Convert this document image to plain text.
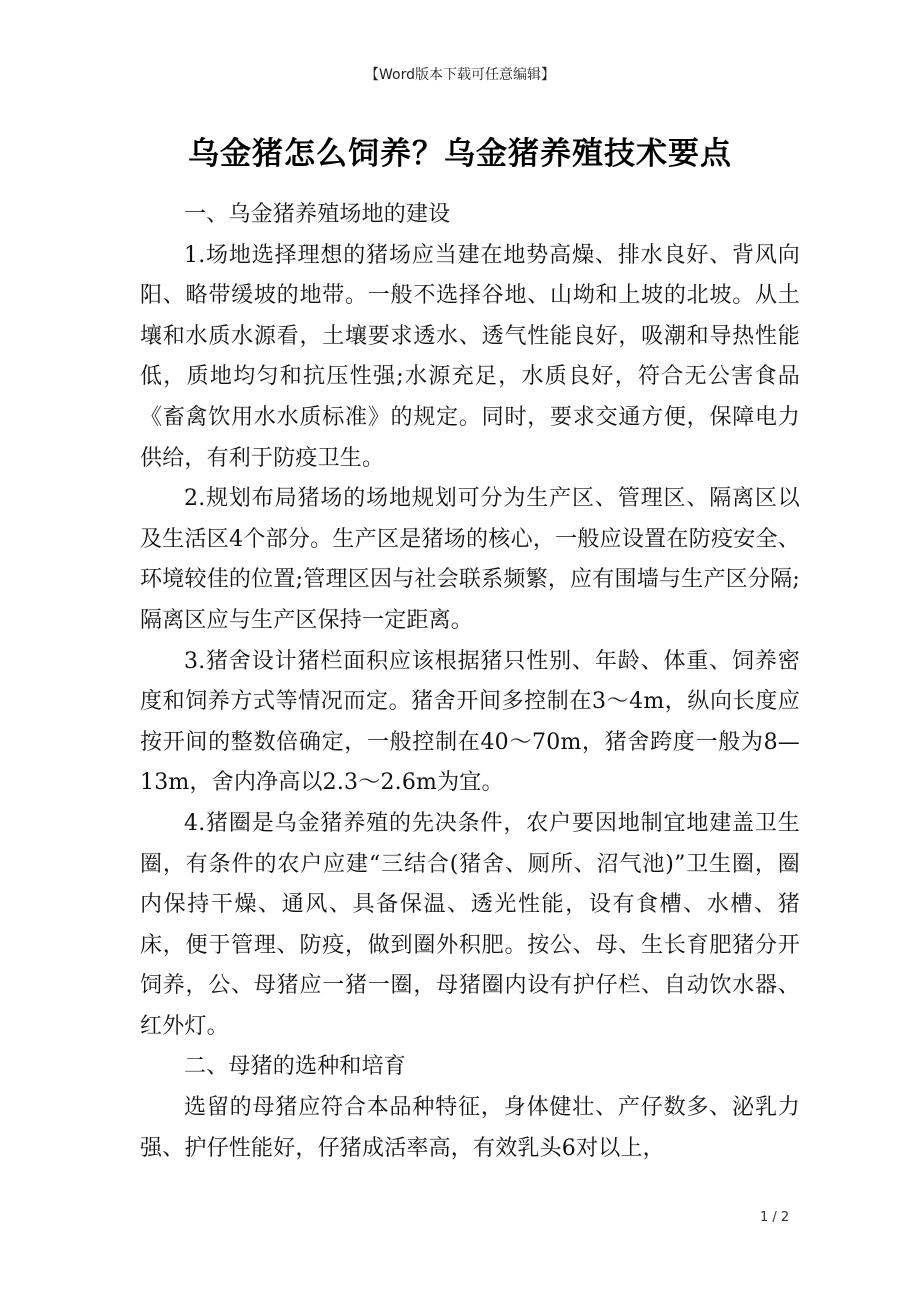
【Word版本下载可任意编辑】
乌金猪怎么饲养？乌金猪养殖技术要点

一、乌金猪养殖场地的建设

1.场地选择理想的猪场应当建在地势高燥、排水良好、背风向阳、略带缓坡的地带。一般不选择谷地、山坳和上坡的北坡。从土壤和水质水源看，土壤要求透水、透气性能良好，吸潮和导热性能低，质地均匀和抗压性强;水源充足，水质良好，符合无公害食品《畜禽饮用水水质标准》的规定。同时，要求交通方便，保障电力供给，有利于防疫卫生。

2.规划布局猪场的场地规划可分为生产区、管理区、隔离区以及生活区4个部分。生产区是猪场的核心，一般应设置在防疫安全、环境较佳的位置;管理区因与社会联系频繁，应有围墙与生产区分隔;隔离区应与生产区保持一定距离。

3.猪舍设计猪栏面积应该根据猪只性别、年龄、体重、饲养密度和饲养方式等情况而定。猪舍开间多控制在3～4m，纵向长度应按开间的整数倍确定，一般控制在40～70m，猪舍跨度一般为8—13m，舍内净高以2.3～2.6m为宜。

4.猪圈是乌金猪养殖的先决条件，农户要因地制宜地建盖卫生圈，有条件的农户应建“三结合(猪舍、厕所、沼气池)”卫生圈，圈内保持干燥、通风、具备保温、透光性能，设有食槽、水槽、猪床，便于管理、防疫，做到圈外积肥。按公、母、生长育肥猪分开饲养，公、母猪应一猪一圈，母猪圈内设有护仔栏、自动饮水器、红外灯。

二、母猪的选种和培育

选留的母猪应符合本品种特征，身体健壮、产仔数多、泌乳力强、护仔性能好，仔猪成活率高，有效乳头6对以上，

1 / 2
